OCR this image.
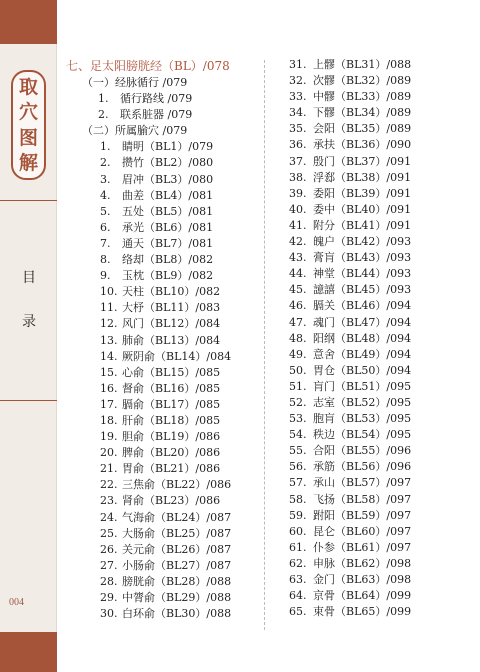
取
穴
图
解
目
录
004
七、足太阳膀胱经（BL）/078
（一）经脉循行 /079
1. 循行路线 /079
2. 联系脏器 /079
（二）所属腧穴 /079
1. 睛明（BL1）/079
2. 攒竹（BL2）/080
3. 眉冲（BL3）/080
4. 曲差（BL4）/081
5. 五处（BL5）/081
6. 承光（BL6）/081
7. 通天（BL7）/081
8. 络却（BL8）/082
9. 玉枕（BL9）/082
10. 天柱（BL10）/082
11. 大杼（BL11）/083
12. 风门（BL12）/084
13. 肺俞（BL13）/084
14. 厥阴俞（BL14）/084
15. 心俞（BL15）/085
16. 督俞（BL16）/085
17. 膈俞（BL17）/085
18. 肝俞（BL18）/085
19. 胆俞（BL19）/086
20. 脾俞（BL20）/086
21. 胃俞（BL21）/086
22. 三焦俞（BL22）/086
23. 肾俞（BL23）/086
24. 气海俞（BL24）/087
25. 大肠俞（BL25）/087
26. 关元俞（BL26）/087
27. 小肠俞（BL27）/087
28. 膀胱俞（BL28）/088
29. 中膂俞（BL29）/088
30. 白环俞（BL30）/088
31. 上髎（BL31）/088
32. 次髎（BL32）/089
33. 中髎（BL33）/089
34. 下髎（BL34）/089
35. 会阳（BL35）/089
36. 承扶（BL36）/090
37. 殷门（BL37）/091
38. 浮郄（BL38）/091
39. 委阳（BL39）/091
40. 委中（BL40）/091
41. 附分（BL41）/091
42. 魄户（BL42）/093
43. 膏肓（BL43）/093
44. 神堂（BL44）/093
45. 譩譆（BL45）/093
46. 膈关（BL46）/094
47. 魂门（BL47）/094
48. 阳纲（BL48）/094
49. 意舍（BL49）/094
50. 胃仓（BL50）/094
51. 肓门（BL51）/095
52. 志室（BL52）/095
53. 胞肓（BL53）/095
54. 秩边（BL54）/095
55. 合阳（BL55）/096
56. 承筋（BL56）/096
57. 承山（BL57）/097
58. 飞扬（BL58）/097
59. 跗阳（BL59）/097
60. 昆仑（BL60）/097
61. 仆参（BL61）/097
62. 申脉（BL62）/098
63. 金门（BL63）/098
64. 京骨（BL64）/099
65. 束骨（BL65）/099
